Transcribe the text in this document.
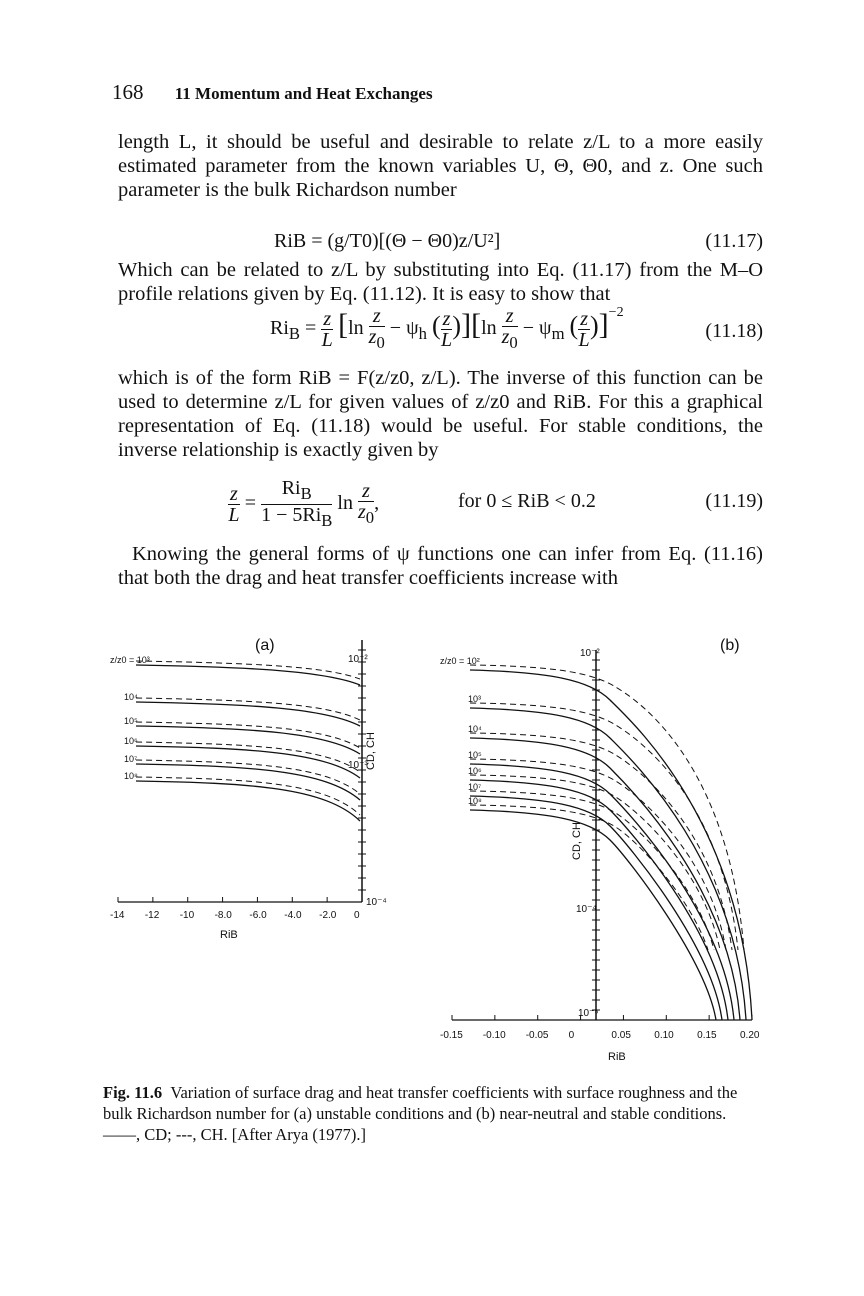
168 11 Momentum and Heat Exchanges
length L, it should be useful and desirable to relate z/L to a more easily estimated parameter from the known variables U, Θ, Θ0, and z. One such parameter is the bulk Richardson number
RiB = (g/T0)[(Θ − Θ0)z/U²]	(11.17)
Which can be related to z/L by substituting into Eq. (11.17) from the M–O profile relations given by Eq. (11.12). It is easy to show that
$Ri_B = \frac{z}{L} [\ln \frac{z}{z_0} - \psi_h$ ( $\frac{z}{L} )][\ln \frac{z}{z_0} - \psi_m$ ( $\frac{z}{L} )]^{-2}$
(11.18)
which is of the form RiB = F(z/z0, z/L). The inverse of this function can be used to determine z/L for given values of z/z0 and RiB. For this a graphical representation of Eq. (11.18) would be useful. For stable conditions, the inverse relationship is exactly given by
$\frac{z}{L} = \frac{Ri_B}{1 - 5Ri_B}$ $\ln \frac{z}{z_0}$ ,	for 0 ≤ RiB < 0.2	(11.19)
Knowing the general forms of ψ functions one can infer from Eq. (11.16) that both the drag and heat transfer coefficients increase with
(a)
-14 -12 -10 -8.0 -6.0 -4.0 -2.0 0
z/z0 = 10³
10⁴
10⁵
10⁶
10⁷
10⁸
10⁻²
10⁻³
10⁻⁴
CD, CH
RiB
(b)
-0.15 -0.10 -0.05 0	0.05 0.10 0.15 0.20
z/z0 = 10²
10³
10⁴
10⁵
10⁶
10⁷
10⁸
10⁻²
10⁻⁴
10⁻⁵
CD, CH
RiB
Fig. 11.6 Variation of surface drag and heat transfer coefficients with surface roughness and the bulk Richardson number for (a) unstable conditions and (b) near-neutral and stable conditions. ——, CD; ---, CH. [After Arya (1977).]
